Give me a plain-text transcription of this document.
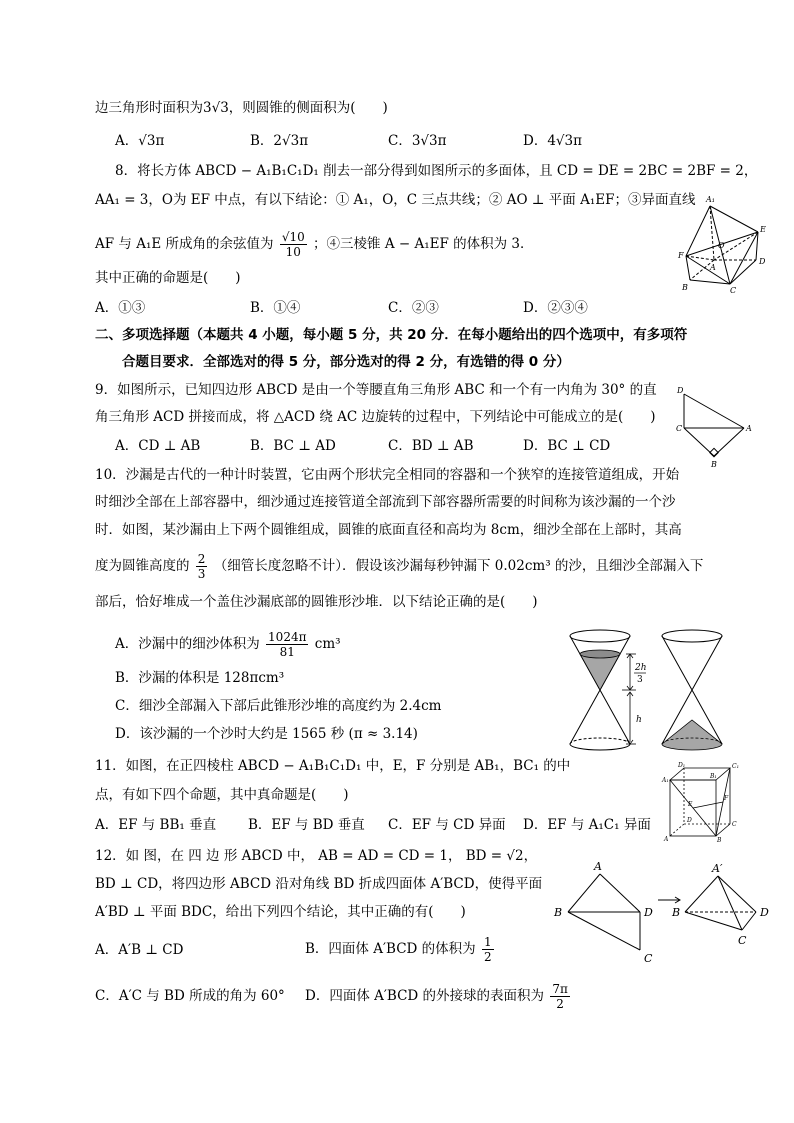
边三角形时面积为3√3，则圆锥的侧面积为(　　)
A．√3π	B．2√3π	C．3√3π	D．4√3π
8．将长方体 ABCD − A₁B₁C₁D₁ 削去一部分得到如图所示的多面体，且 CD = DE = 2BC = 2BF = 2，
AA₁ = 3，O为 EF 中点，有以下结论：① A₁，O，C 三点共线；② AO ⊥ 平面 A₁EF；③异面直线
AF 与 A₁E 所成角的余弦值为 $\frac{√10}{10}$ ；④三棱锥 A − A₁EF 的体积为 3．
其中正确的命题是(　　)
A．①③	B．①④	C．②③	D．②③④
A₁
E
F
O
D
A
B	C
二、多项选择题（本题共 4 小题，每小题 5 分，共 20 分．在每小题给出的四个选项中，有多项符
合题目要求．全部选对的得 5 分，部分选对的得 2 分，有选错的得 0 分）
9．如图所示，已知四边形 ABCD 是由一个等腰直角三角形 ABC 和一个有一内角为 30° 的直
角三角形 ACD 拼接而成，将 △ACD 绕 AC 边旋转的过程中，下列结论中可能成立的是(　　)
A．CD ⊥ AB	B．BC ⊥ AD	C．BD ⊥ AB	D．BC ⊥ CD
D
C	A
B
10．沙漏是古代的一种计时装置，它由两个形状完全相同的容器和一个狭窄的连接管道组成，开始
时细沙全部在上部容器中，细沙通过连接管道全部流到下部容器所需要的时间称为该沙漏的一个沙
时．如图，某沙漏由上下两个圆锥组成，圆锥的底面直径和高均为 8cm，细沙全部在上部时，其高
度为圆锥高度的 $\frac{2}{3}$ （细管长度忽略不计）．假设该沙漏每秒钟漏下 0.02cm³ 的沙，且细沙全部漏入下
部后，恰好堆成一个盖住沙漏底部的圆锥形沙堆．以下结论正确的是(　　)
A．沙漏中的细沙体积为 $\frac{1024\pi}{81} cm^3$
B．沙漏的体积是 128πcm³
C．细沙全部漏入下部后此锥形沙堆的高度约为 2.4cm
D．该沙漏的一个沙时大约是 1565 秒 (π ≈ 3.14)
2h
3
h
11．如图，在正四棱柱 ABCD − A₁B₁C₁D₁ 中，E，F 分别是 AB₁，BC₁ 的中
点，有如下四个命题，其中真命题是(　　)
A．EF 与 BB₁ 垂直 B．EF 与 BD 垂直 C．EF 与 CD 异面 D．EF 与 A₁C₁ 异面
A₁
B₁
C₁
D₁
E
F
D
C
A	B
12．如 图，在 四 边 形 ABCD 中， AB = AD = CD = 1， BD = √2，
BD ⊥ CD，将四边形 ABCD 沿对角线 BD 折成四面体 A′BCD，使得平面
A′BD ⊥ 平面 BDC，给出下列四个结论，其中正确的有(　　)
A．A′B ⊥ CD	B．四面体 A′BCD 的体积为 $\frac{1}{2}$
C．A′C 与 BD 所成的角为 60° D．四面体 A′BCD 的外接球的表面积为 $\frac{7\pi}{2}$
A
B	D
C
A′
B	D
C
